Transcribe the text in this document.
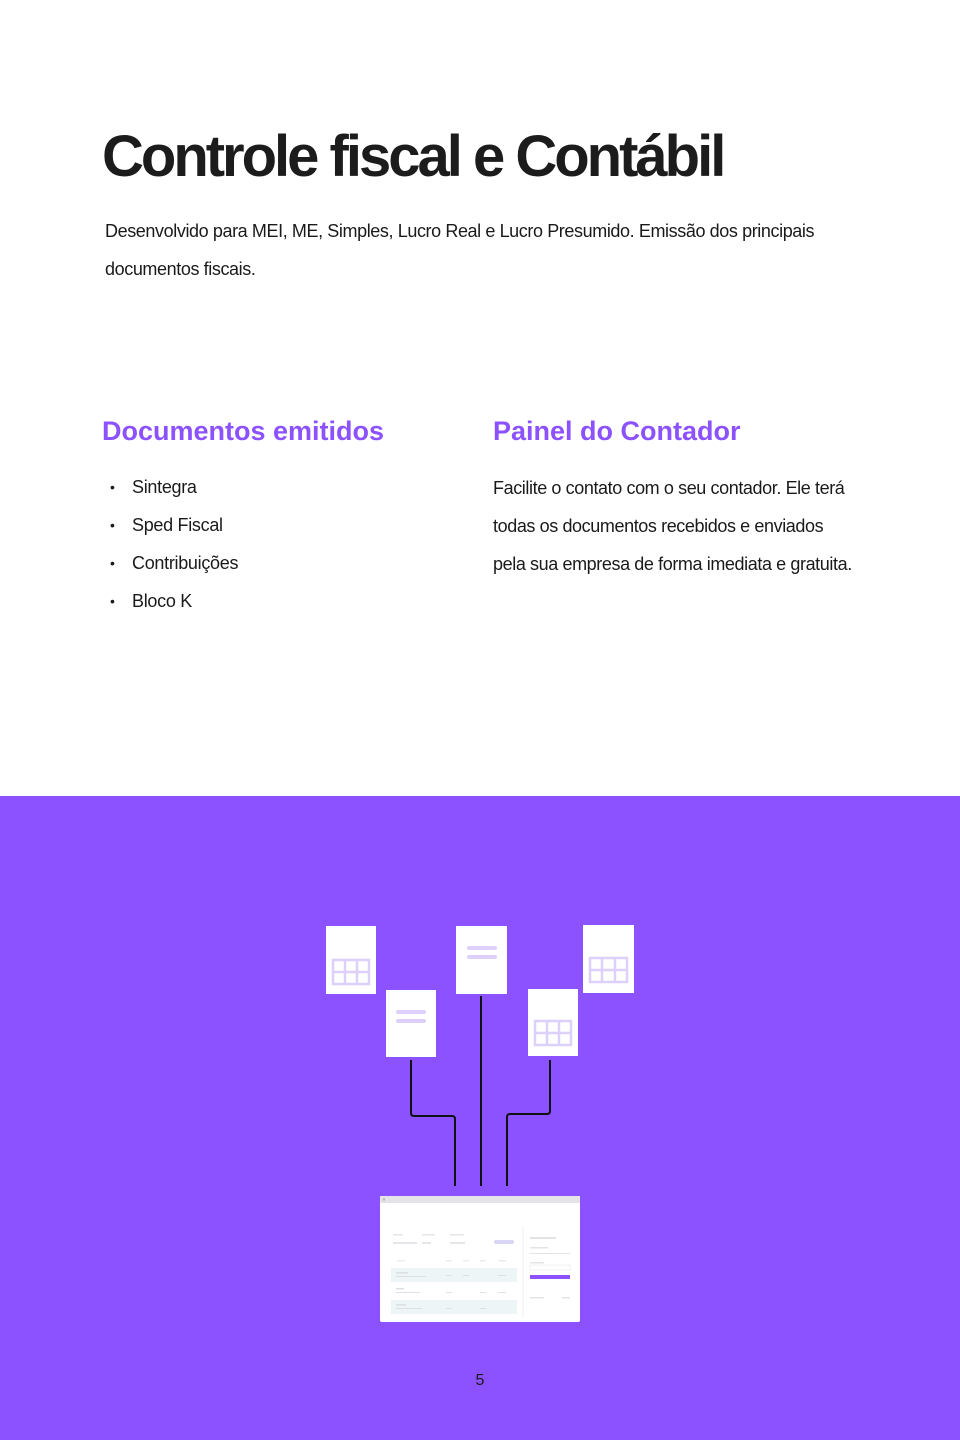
Controle fiscal e Contábil

Desenvolvido para MEI, ME, Simples, Lucro Real e Lucro Presumido. Emissão dos principais documentos fiscais.

Documentos emitidos
• Sintegra
• Sped Fiscal
• Contribuições
• Bloco K
Painel do Contador

Facilite o contato com o seu contador. Ele terá todas os documentos recebidos e enviados pela sua empresa de forma imediata e gratuita.

5
